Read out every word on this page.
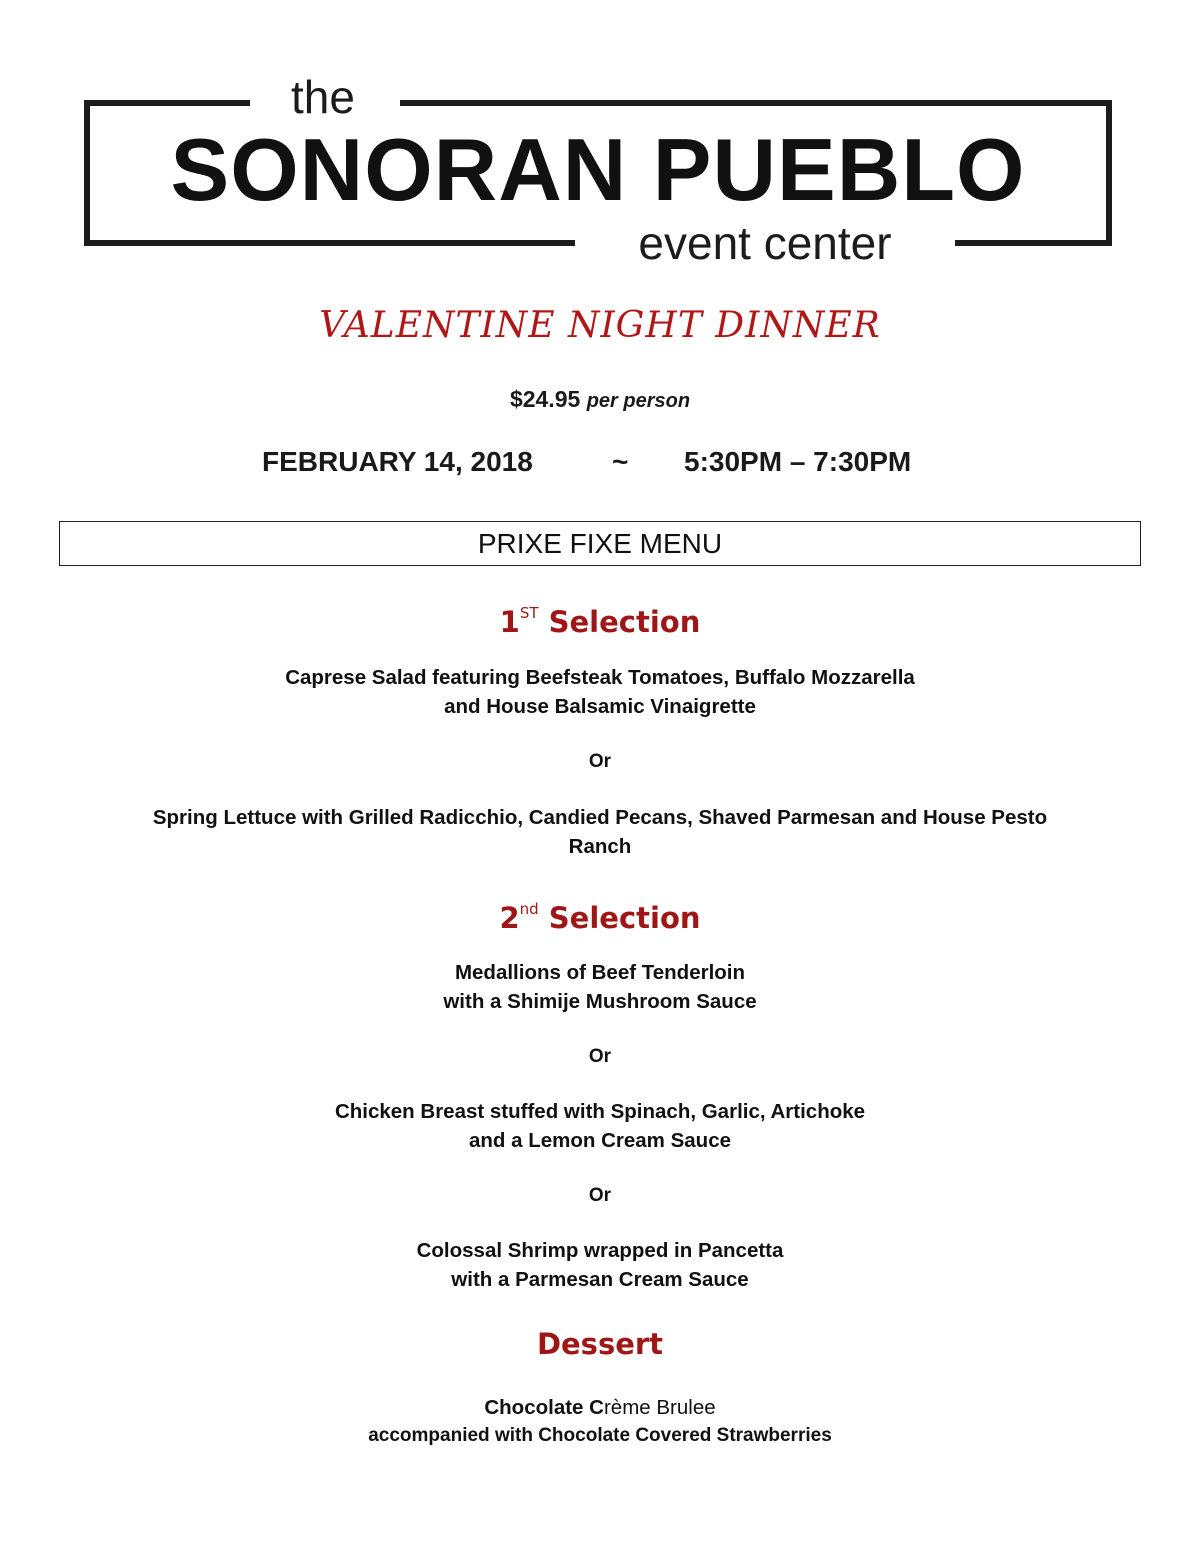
the
SONORAN PUEBLO
event center
VALENTINE NIGHT DINNER
$24.95 per person
FEBRUARY 14, 2018	~ 5:30PM – 7:30PM
PRIXE FIXE MENU
1ST Selection
Caprese Salad featuring Beefsteak Tomatoes, Buffalo Mozzarella
and House Balsamic Vinaigrette
Or
Spring Lettuce with Grilled Radicchio, Candied Pecans, Shaved Parmesan and House Pesto
Ranch
2nd Selection
Medallions of Beef Tenderloin
with a Shimije Mushroom Sauce
Or
Chicken Breast stuffed with Spinach, Garlic, Artichoke
and a Lemon Cream Sauce
Or
Colossal Shrimp wrapped in Pancetta
with a Parmesan Cream Sauce
Dessert
Chocolate Crème Brulee
accompanied with Chocolate Covered Strawberries
